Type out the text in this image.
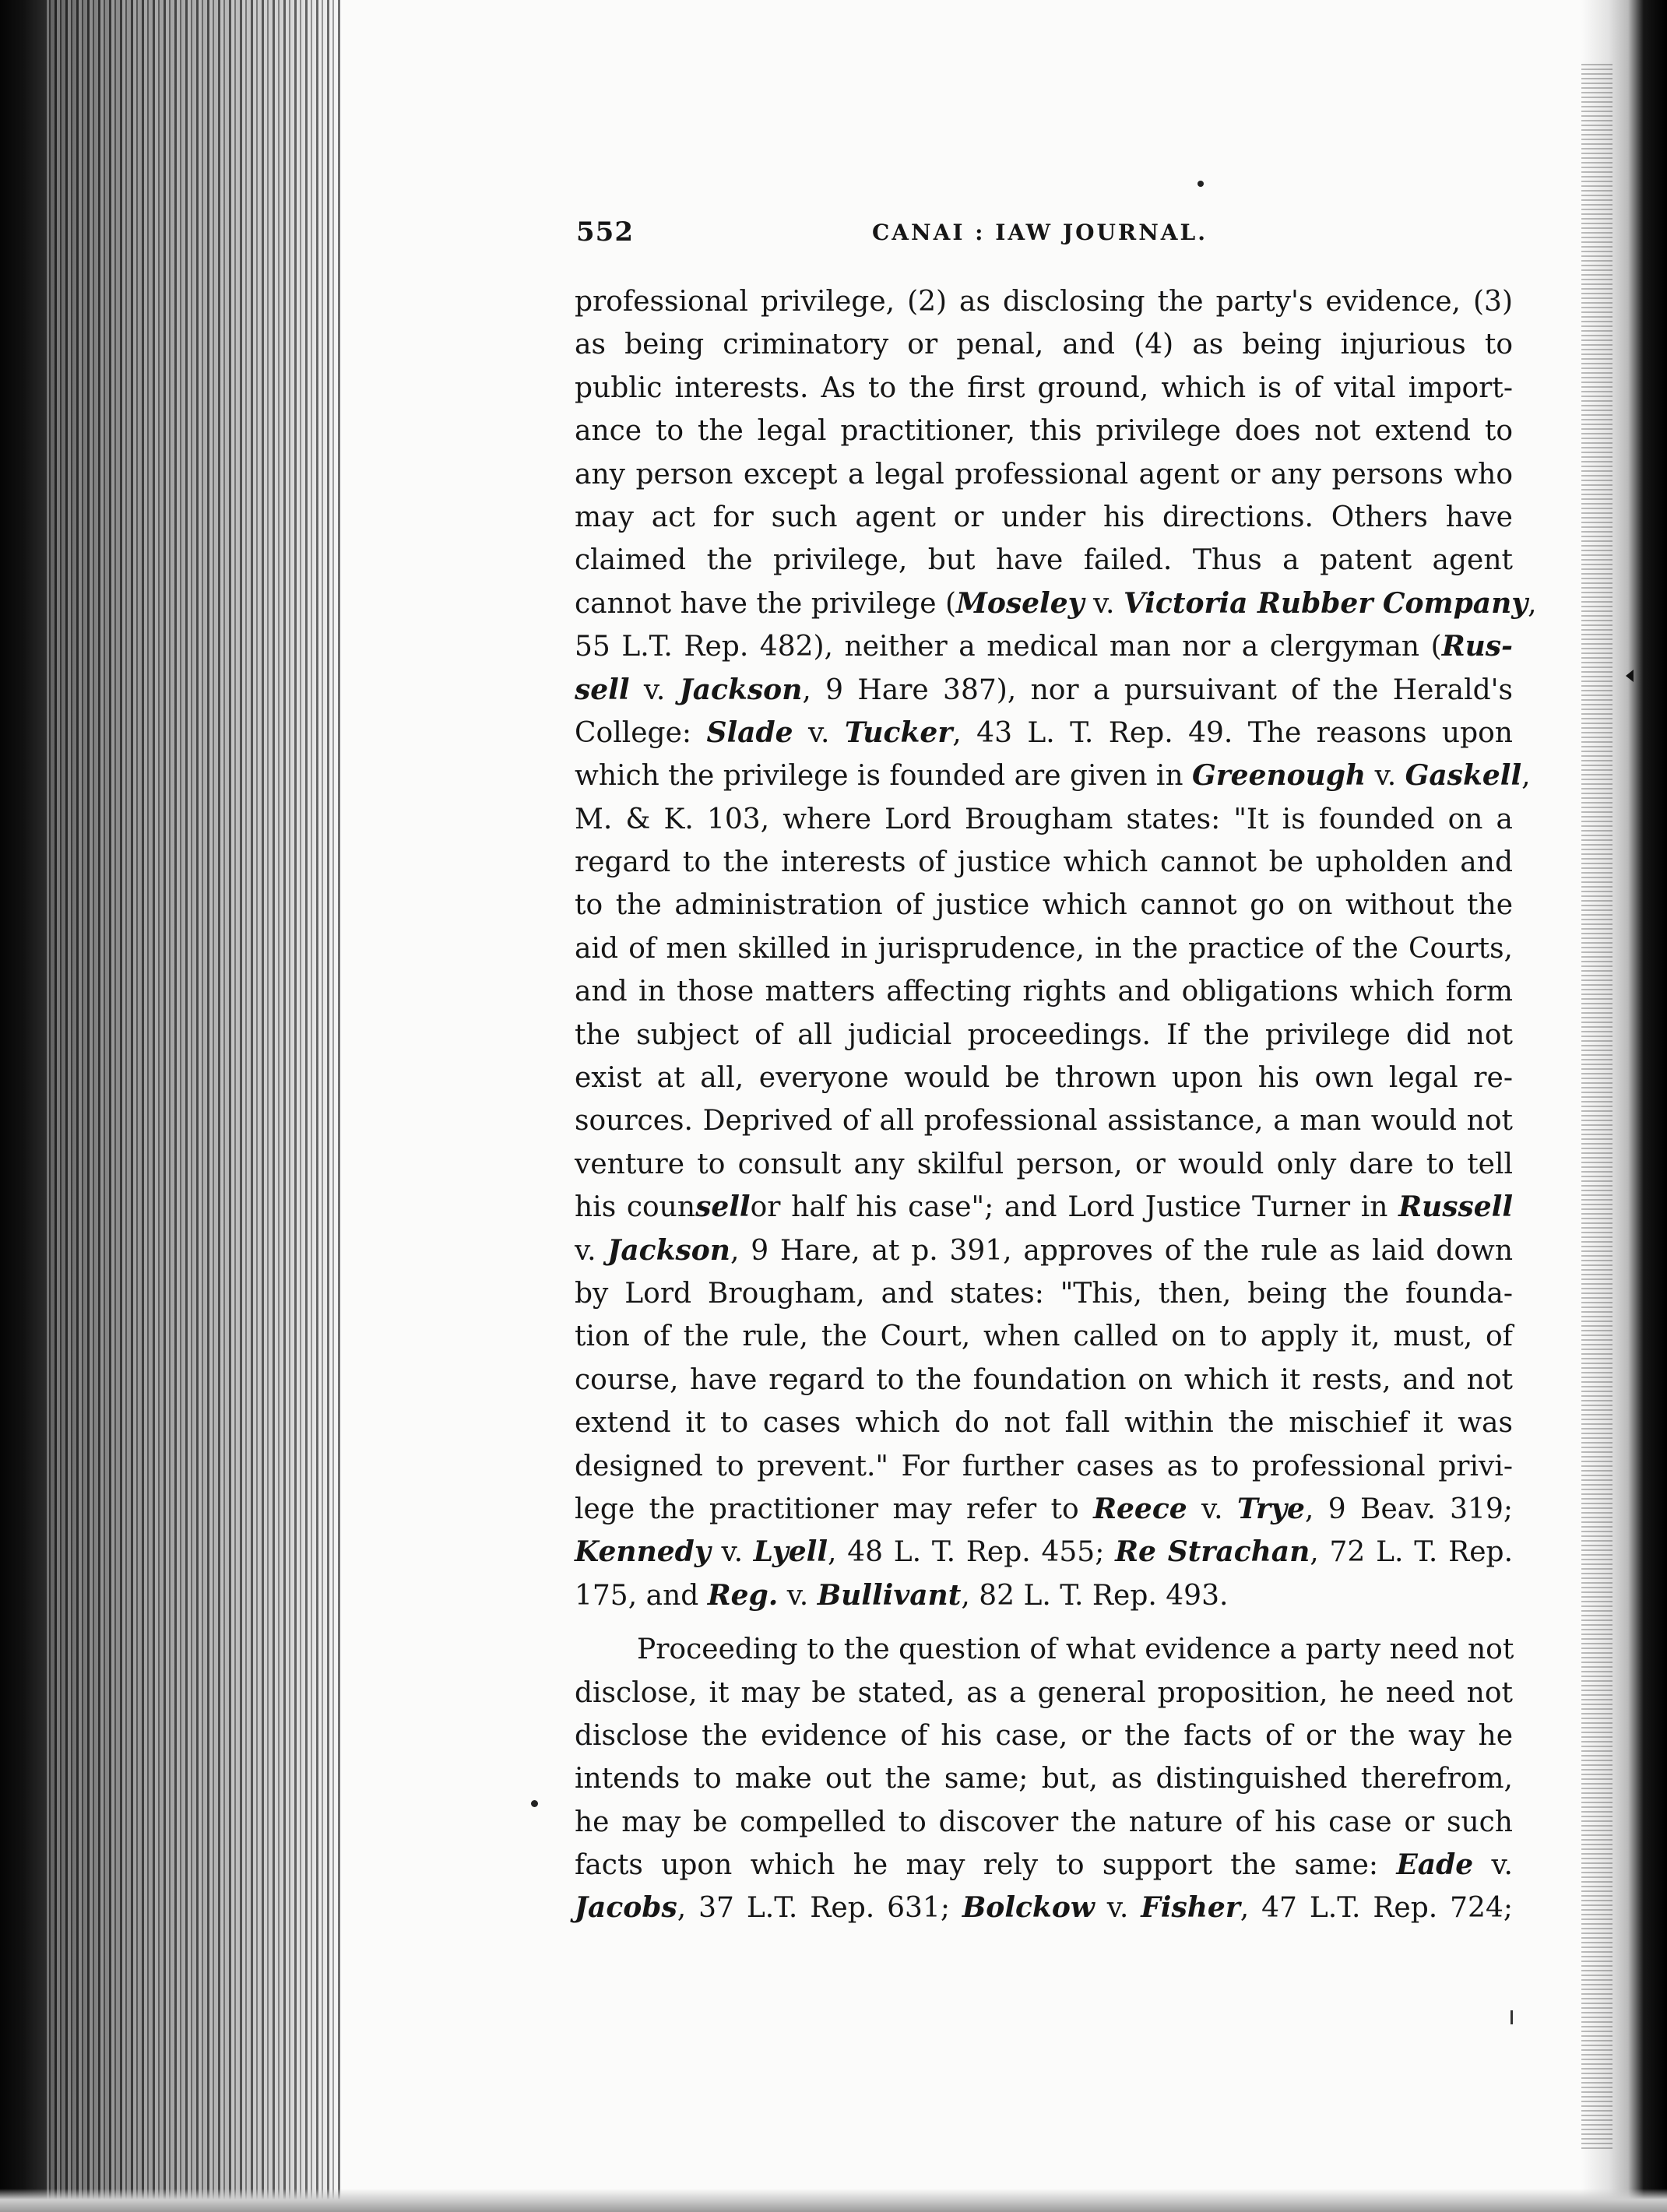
552	CANAI : IAW JOURNAL.
professional privilege, (2) as disclosing the party's evidence, (3)
as being criminatory or penal, and (4) as being injurious to
public interests. As to the first ground, which is of vital import-
ance to the legal practitioner, this privilege does not extend to
any person except a legal professional agent or any persons who
may act for such agent or under his directions. Others have
claimed the privilege, but have failed. Thus a patent agent
cannot have the privilege (Moseley v. Victoria Rubber Company,
55 L.T. Rep. 482), neither a medical man nor a clergyman (Rus-
sell v. Jackson, 9 Hare 387), nor a pursuivant of the Herald's
College: Slade v. Tucker, 43 L. T. Rep. 49. The reasons upon
which the privilege is founded are given in Greenough v. Gaskell,
M. & K. 103, where Lord Brougham states: "It is founded on a
regard to the interests of justice which cannot be upholden and
to the administration of justice which cannot go on without the
aid of men skilled in jurisprudence, in the practice of the Courts,
and in those matters affecting rights and obligations which form
the subject of all judicial proceedings. If the privilege did not
exist at all, everyone would be thrown upon his own legal re-
sources. Deprived of all professional assistance, a man would not
venture to consult any skilful person, or would only dare to tell
his counsellor half his case"; and Lord Justice Turner in Russell
v. Jackson, 9 Hare, at p. 391, approves of the rule as laid down
by Lord Brougham, and states: "This, then, being the founda-
tion of the rule, the Court, when called on to apply it, must, of
course, have regard to the foundation on which it rests, and not
extend it to cases which do not fall within the mischief it was
designed to prevent." For further cases as to professional privi-
lege the practitioner may refer to Reece v. Trye, 9 Beav. 319;
Kennedy v. Lyell, 48 L. T. Rep. 455; Re Strachan, 72 L. T. Rep.
175, and Reg. v. Bullivant, 82 L. T. Rep. 493.
Proceeding to the question of what evidence a party need not
disclose, it may be stated, as a general proposition, he need not
disclose the evidence of his case, or the facts of or the way he
intends to make out the same; but, as distinguished therefrom,
he may be compelled to discover the nature of his case or such
facts upon which he may rely to support the same: Eade v.
Jacobs, 37 L.T. Rep. 631; Bolckow v. Fisher, 47 L.T. Rep. 724;
